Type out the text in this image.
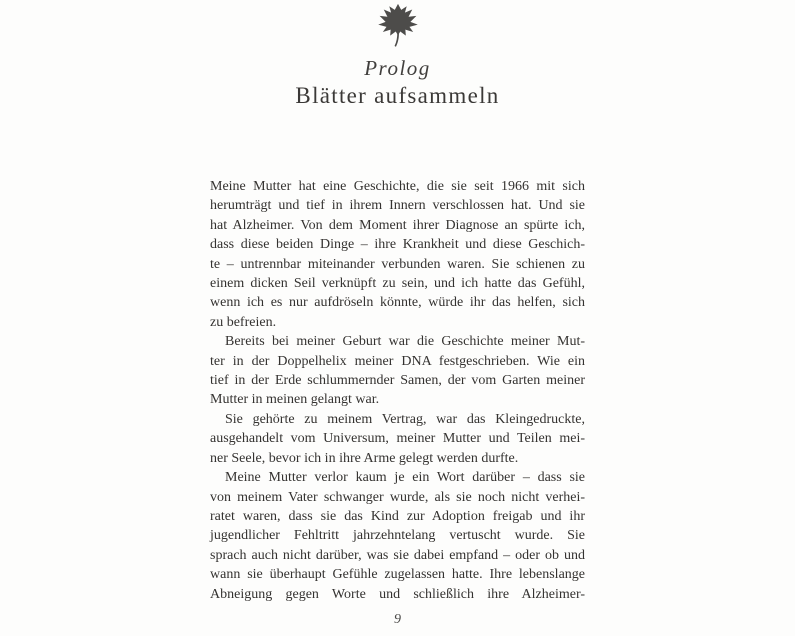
Prolog
Blätter aufsammeln
Meine Mutter hat eine Geschichte, die sie seit 1966 mit sich
herumträgt und tief in ihrem Innern verschlossen hat. Und sie
hat Alzheimer. Von dem Moment ihrer Diagnose an spürte ich,
dass diese beiden Dinge – ihre Krankheit und diese Geschich-
te – untrennbar miteinander verbunden waren. Sie schienen zu
einem dicken Seil verknüpft zu sein, und ich hatte das Gefühl,
wenn ich es nur aufdröseln könnte, würde ihr das helfen, sich
zu befreien.
Bereits bei meiner Geburt war die Geschichte meiner Mut-
ter in der Doppelhelix meiner DNA festgeschrieben. Wie ein
tief in der Erde schlummernder Samen, der vom Garten meiner
Mutter in meinen gelangt war.
Sie gehörte zu meinem Vertrag, war das Kleingedruckte,
ausgehandelt vom Universum, meiner Mutter und Teilen mei-
ner Seele, bevor ich in ihre Arme gelegt werden durfte.
Meine Mutter verlor kaum je ein Wort darüber – dass sie
von meinem Vater schwanger wurde, als sie noch nicht verhei-
ratet waren, dass sie das Kind zur Adoption freigab und ihr
jugendlicher Fehltritt jahrzehntelang vertuscht wurde. Sie
sprach auch nicht darüber, was sie dabei empfand – oder ob und
wann sie überhaupt Gefühle zugelassen hatte. Ihre lebenslange
Abneigung gegen Worte und schließlich ihre Alzheimer-
9
